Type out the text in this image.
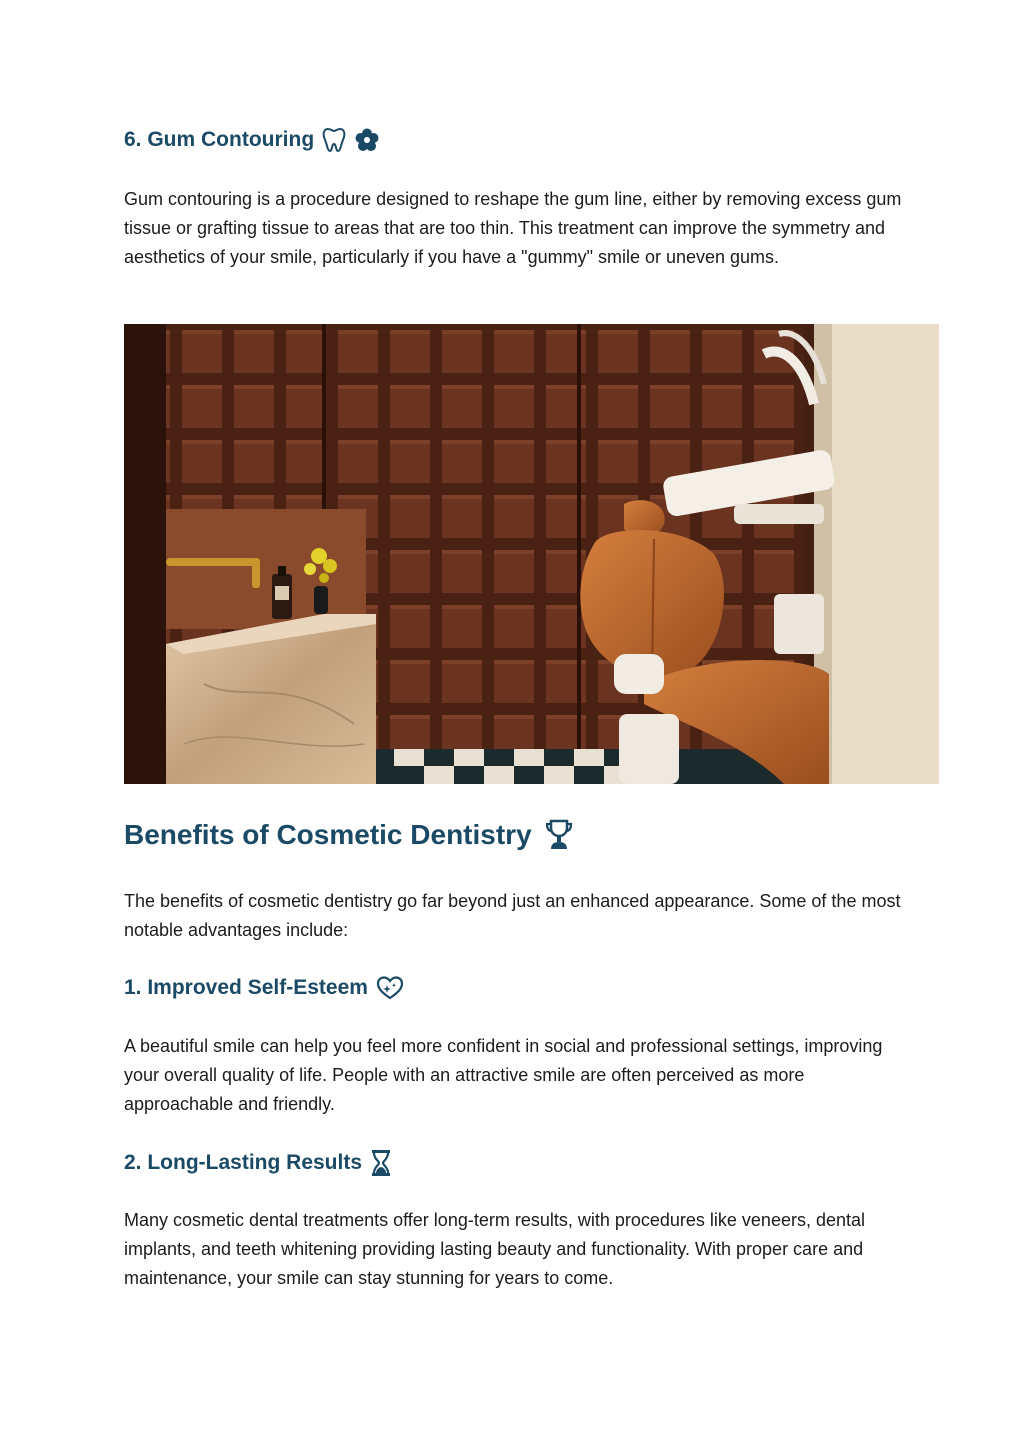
6. Gum Contouring

Gum contouring is a procedure designed to reshape the gum line, either by removing excess gum tissue or grafting tissue to areas that are too thin. This treatment can improve the symmetry and aesthetics of your smile, particularly if you have a "gummy" smile or uneven gums.

Benefits of Cosmetic Dentistry

The benefits of cosmetic dentistry go far beyond just an enhanced appearance. Some of the most notable advantages include:

1. Improved Self-Esteem

A beautiful smile can help you feel more confident in social and professional settings, improving your overall quality of life. People with an attractive smile are often perceived as more approachable and friendly.

2. Long-Lasting Results

Many cosmetic dental treatments offer long-term results, with procedures like veneers, dental implants, and teeth whitening providing lasting beauty and functionality. With proper care and maintenance, your smile can stay stunning for years to come.
